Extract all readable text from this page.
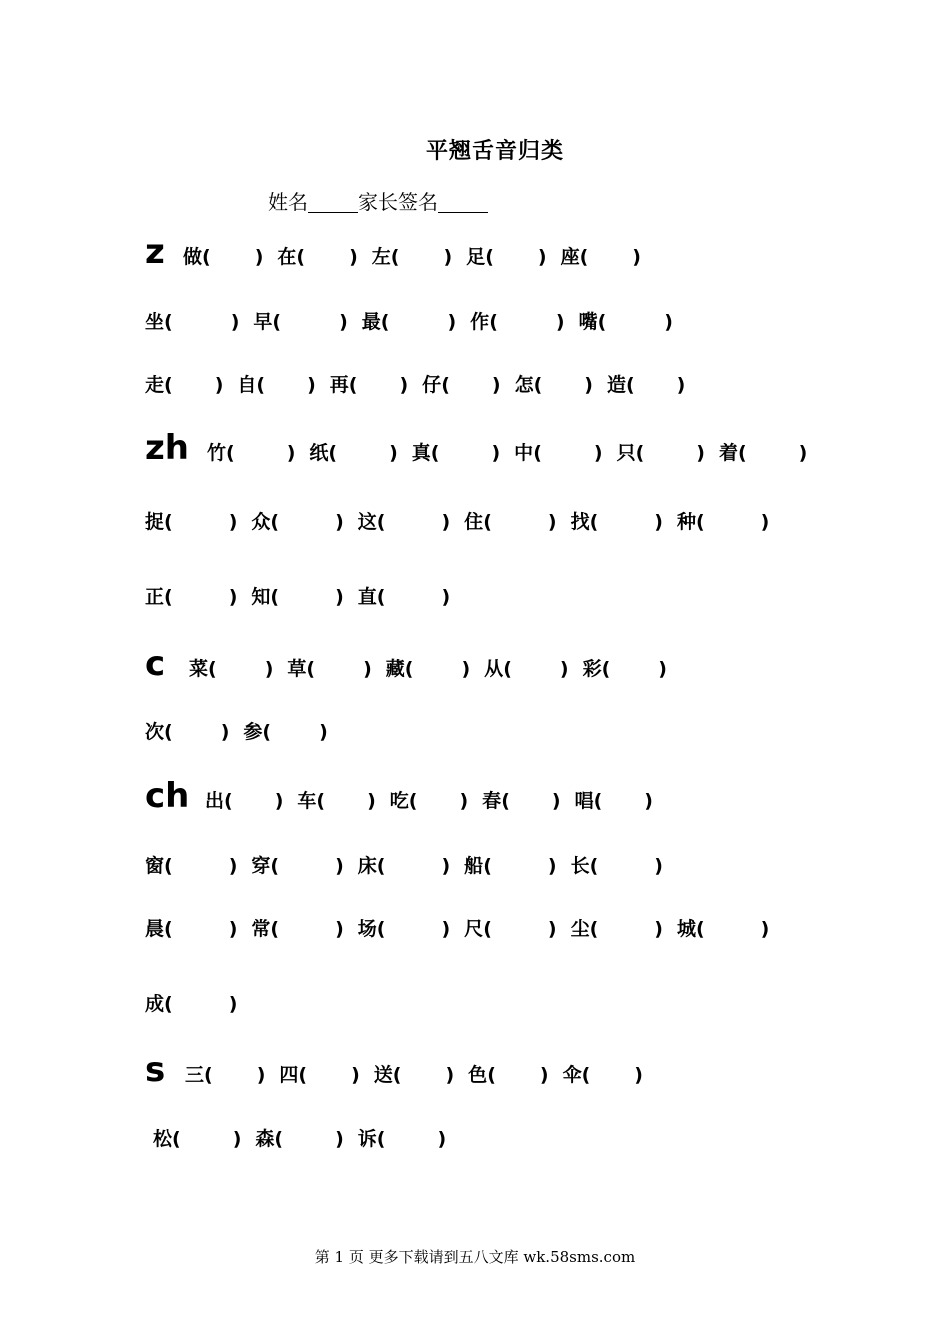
平翘舌音归类
姓名	家长签名
z 做( ) 在( ) 左( ) 足( ) 座( )
坐(	) 早(	) 最(	) 作(	) 嘴(	)
走( ) 自( ) 再( ) 仔( ) 怎( ) 造( )
zh 竹(	) 纸(	) 真(	) 中(	) 只(	) 着(	)
捉(	) 众(	) 这(	) 住(	) 找(	) 种(	)
正(	) 知(	) 直(	)
c 菜(	) 草(	) 藏(	) 从(	) 彩(	)
次(	) 参(	)
ch 出( ) 车( ) 吃( ) 春( ) 唱( )
窗(	) 穿(	) 床(	) 船(	) 长(	)
晨(	) 常(	) 场(	) 尺(	) 尘(	) 城(	)
成(	)
s 三( ) 四( ) 送( ) 色( ) 伞( )
松(	) 森(	) 诉(	)
第 1 页 更多下载请到五八文库 wk.58sms.com
